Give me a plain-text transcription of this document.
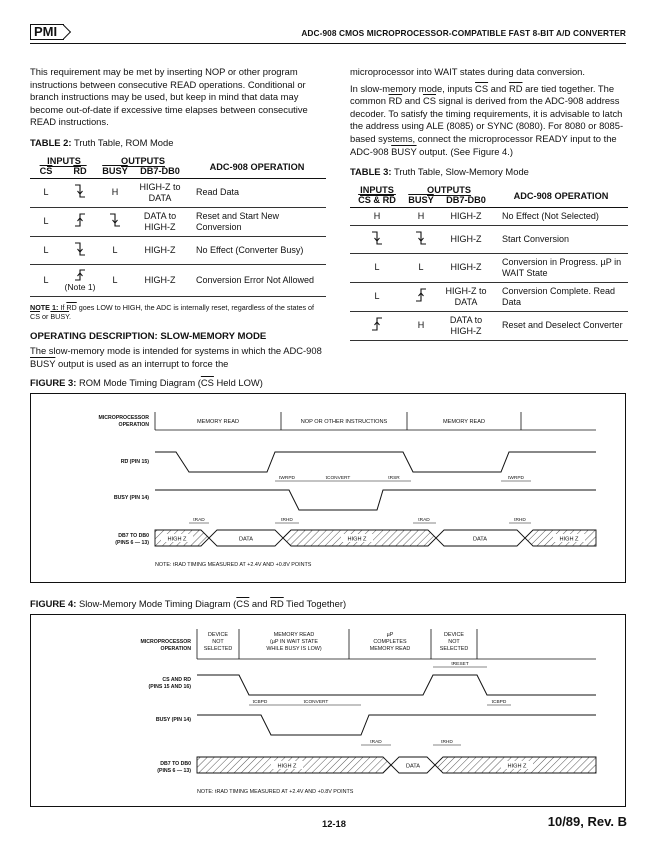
PMI	ADC-908 CMOS MICROPROCESSOR-COMPATIBLE FAST 8-BIT A/D CONVERTER

This requirement may be met by inserting NOP or other program instructions between consecutive READ operations. Conditional or branch instructions may be used, but keep in mind that data may become out-of-date if excessive time elapses between consecutive READ instructions.

TABLE 2: Truth Table, ROM Mode
INPUTS		OUTPUTS		ADC-908 OPERATION
$\overline{CS}$	$\overline{RD}$	BUSY	DB7-DB0	
L		H	HIGH-Z to DATA	Read Data
L			DATA to HIGH-Z	Reset and Start New Conversion
L		L	HIGH-Z	No Effect (Converter Busy)
L	(Note 1)	L	HIGH-Z	Conversion Error Not Allowed
NOTE 1: If $\overline{RD}$ goes LOW to HIGH, the ADC is internally reset, regardless of the states of $\overline{CS}$ or BUSY.
OPERATING DESCRIPTION: SLOW-MEMORY MODE

The slow-memory mode is intended for systems in which the ADC-908 BUSY output is used as an interrupt to force the

microprocessor into WAIT states during data conversion.

In slow-memory mode, inputs $\overline{CS}$ and $\overline{RD}$ are tied together. The common $\overline{RD}$ and $\overline{CS}$ signal is derived from the ADC-908 address decoder. To satisfy the timing requirements, it is advisable to latch the address using ALE (8085) or SYNC (8080). For 8080 or 8085-based systems, connect the microprocessor READY input to the ADC-908 BUSY output. (See Figure 4.)

TABLE 3: Truth Table, Slow-Memory Mode
INPUTS	OUTPUTS		ADC-908 OPERATION
CS & RD	BUSY	DB7-DB0	
H	H	HIGH-Z	No Effect (Not Selected)
		HIGH-Z	Start Conversion
L	L	HIGH-Z	Conversion in Progress. µP in WAIT State
L		HIGH-Z to DATA	Conversion Complete. Read Data
	H	DATA to HIGH-Z	Reset and Deselect Converter
FIGURE 3: ROM Mode Timing Diagram ($\overline{CS}$ Held LOW)
MICROPROCESSOR
OPERATION
RD (PIN 15)
BUSY (PIN 14)
DB7 TO DB0
(PINS 6 — 13)
MEMORY READ	NOP OR OTHER INSTRUCTIONS	MEMORY READ
tWRPD	tCONVERT	tRSR	tWRPD
tRAD	tRHD	tRAD	tRHD
HIGH Z	DATA	HIGH Z	DATA	HIGH Z
NOTE: tRAD TIMING MEASURED AT +2.4V AND +0.8V POINTS
FIGURE 4: Slow-Memory Mode Timing Diagram ($\overline{CS}$ and $\overline{RD}$ Tied Together)
MICROPROCESSOR
OPERATION
CS AND RD
(PINS 15 AND 16)
BUSY (PIN 14)
DB7 TO DB0
(PINS 6 — 13)
DEVICE
NOT
SELECTED
MEMORY READ
(µP IN WAIT STATE
WHILE BUSY IS LOW)
µP
COMPLETES
MEMORY READ
DEVICE
NOT
SELECTED
tRESET
tCBPD	tCONVERT	tCBPD
tRAD	tRHD
HIGH Z	DATA	HIGH Z
NOTE: tRAD TIMING MEASURED AT +2.4V AND +0.8V POINTS
12-18	10/89, Rev. B
